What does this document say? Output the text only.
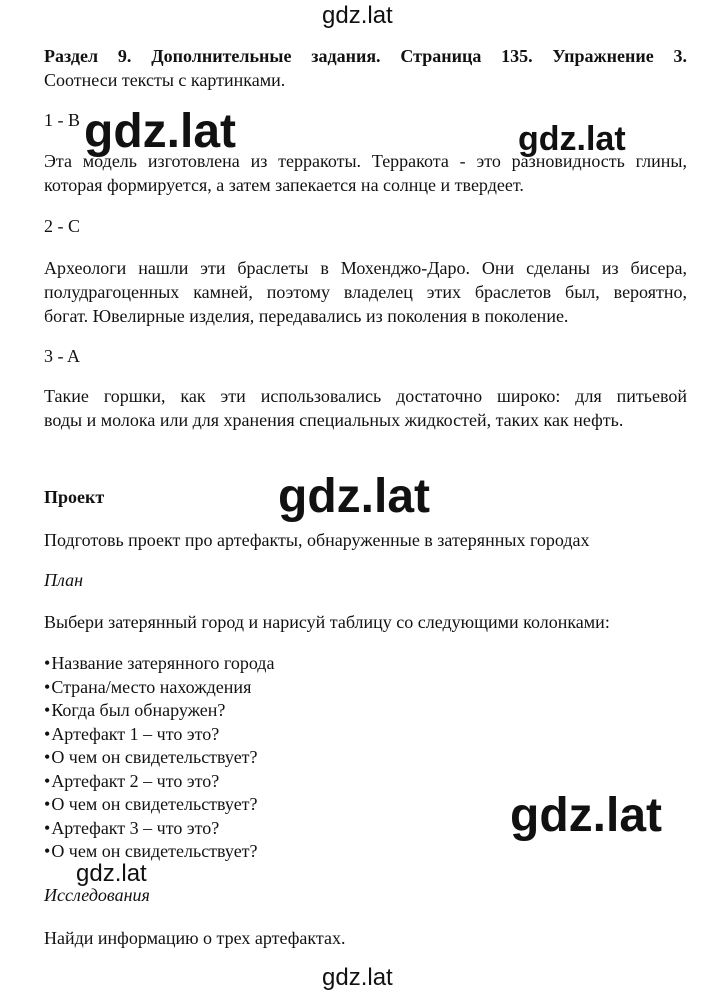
Раздел 9. Дополнительные задания. Страница 135. Упражнение 3.

Соотнеси тексты с картинками.

1 - B

Эта модель изготовлена из терракоты. Терракота - это разновидность глины,

которая формируется, а затем запекается на солнце и твердеет.

2 - C

Археологи нашли эти браслеты в Мохенджо-Даро. Они сделаны из бисера,

полудрагоценных камней, поэтому владелец этих браслетов был, вероятно,

богат. Ювелирные изделия, передавались из поколения в поколение.

3 - A

Такие горшки, как эти использовались достаточно широко: для питьевой

воды и молока или для хранения специальных жидкостей, таких как нефть.

Проект

Подготовь проект про артефакты, обнаруженные в затерянных городах

План

Выбери затерянный город и нарисуй таблицу со следующими колонками:

• Название затерянного города
• Страна/место нахождения
• Когда был обнаружен?
• Артефакт 1 – что это?
• О чем он свидетельствует?
• Артефакт 2 – что это?
• О чем он свидетельствует?
• Артефакт 3 – что это?
• О чем он свидетельствует?

Исследования

Найди информацию о трех артефактах.

gdz.lat
gdz.lat	gdz.lat
gdz.lat
gdz.lat
gdz.lat
gdz.lat
